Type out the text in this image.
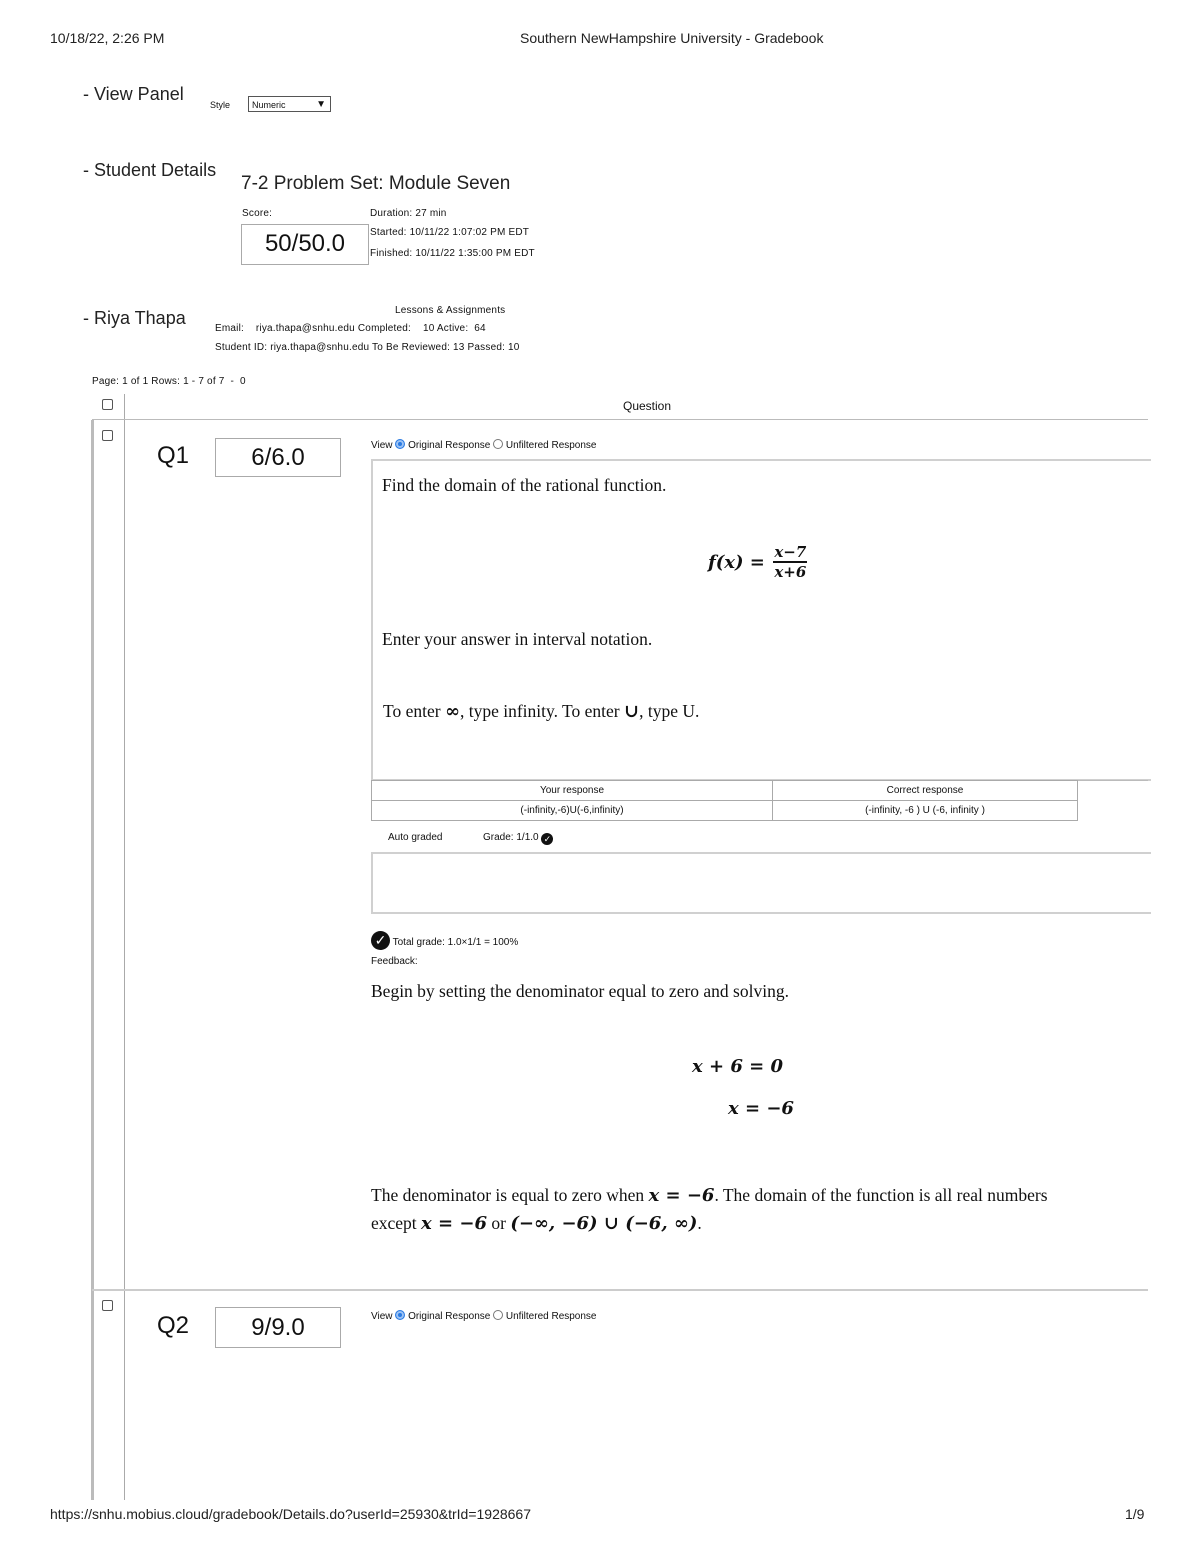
10/18/22, 2:26 PM	Southern NewHampshire University - Gradebook
- View Panel
Style	Numeric	▼
- Student Details
7-2 Problem Set: Module Seven
Score:
50/50.0
Duration: 27 min
Started: 10/11/22 1:07:02 PM EDT
Finished: 10/11/22 1:35:00 PM EDT
- Riya Thapa	Lessons & Assignments
Email:    riya.thapa@snhu.edu Completed:    10 Active:  64
Student ID: riya.thapa@snhu.edu To Be Reviewed: 13 Passed: 10
Page: 1 of 1 Rows: 1 - 7 of 7  -  0
Question
Q1	6/6.0	View Original Response Unfiltered Response
Find the domain of the rational function.
$f(x) = \frac{x-7}{x+6}$
Enter your answer in interval notation.
To enter ∞, type infinity. To enter ∪, type U.
Your response	Correct response
(-infinity,-6)U(-6,infinity)	(-infinity, -6 ) U (-6, infinity )
Auto graded	Grade: 1/1.0 ✓
✓ Total grade: 1.0×1/1 = 100%
Feedback:
Begin by setting the denominator equal to zero and solving.
x + 6 = 0
x = −6
The denominator is equal to zero when x = −6. The domain of the function is all real numbers
except x = −6 or (−∞, −6) ∪ (−6, ∞).
Q2	9/9.0	View Original Response Unfiltered Response
https://snhu.mobius.cloud/gradebook/Details.do?userId=25930&trId=1928667	1/9
